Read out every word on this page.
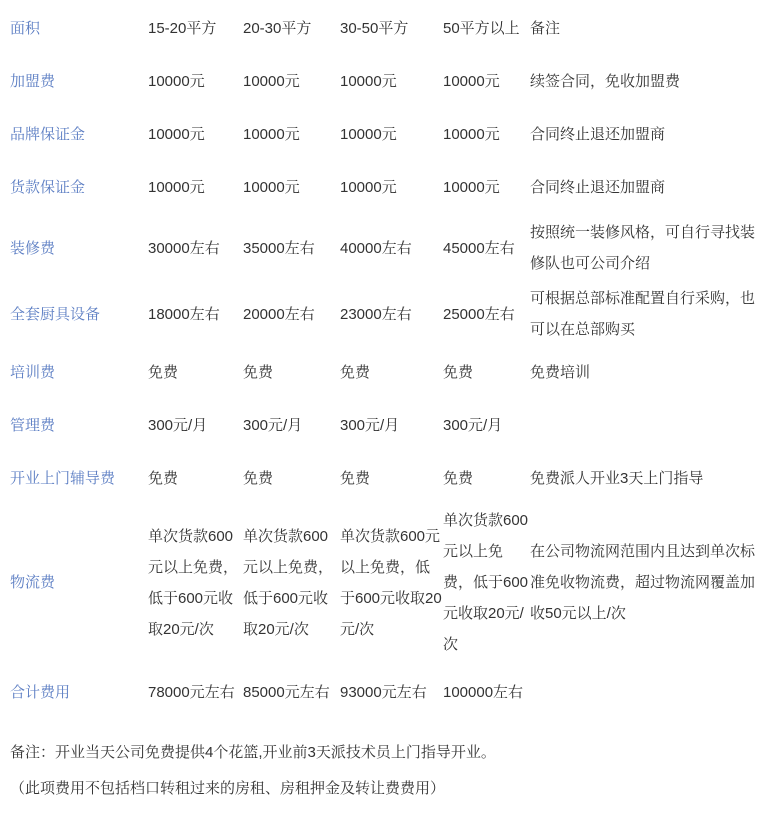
面积	15-20平方	20-30平方	30-50平方	50平方以上	备注
加盟费	10000元	10000元	10000元	10000元	续签合同，免收加盟费
品牌保证金	10000元	10000元	10000元	10000元	合同终止退还加盟商
货款保证金	10000元	10000元	10000元	10000元	合同终止退还加盟商
装修费	30000左右	35000左右	40000左右	45000左右	按照统一装修风格，可自行寻找装修队也可公司介绍
全套厨具设备	18000左右	20000左右	23000左右	25000左右	可根据总部标准配置自行采购，也可以在总部购买
培训费	免费	免费	免费	免费	免费培训
管理费	300元/月	300元/月	300元/月	300元/月	
开业上门辅导费	免费	免费	免费	免费	免费派人开业3天上门指导
物流费	单次货款600元以上免费，低于600元收取20元/次	单次货款600元以上免费，低于600元收取20元/次	单次货款600元以上免费，低于600元收取20元/次	单次货款600元以上免费，低于600元收取20元/次	在公司物流网范围内且达到单次标准免收物流费，超过物流网覆盖加收50元以上/次
合计费用	78000元左右	85000元左右	93000元左右	100000左右	

备注：开业当天公司免费提供4个花篮,开业前3天派技术员上门指导开业。

（此项费用不包括档口转租过来的房租、房租押金及转让费费用）
